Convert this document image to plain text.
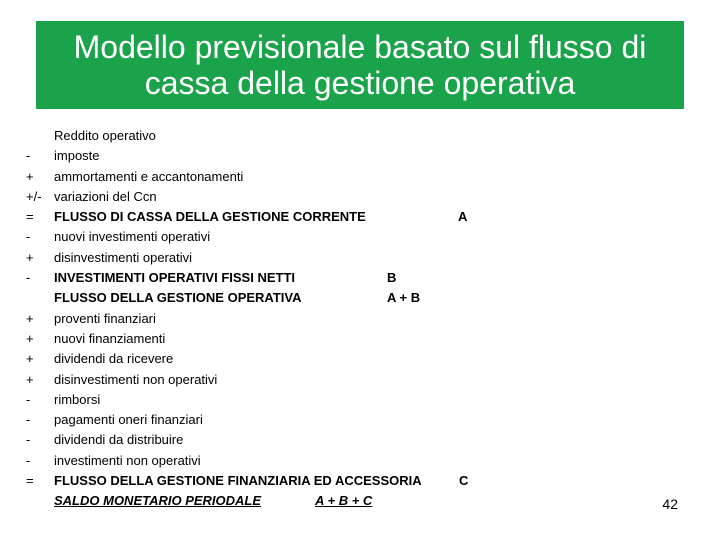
Modello previsionale basato sul flusso di
cassa della gestione operativa
Reddito operativo
-	imposte
+	ammortamenti e accantonamenti
+/- variazioni del Ccn
=	FLUSSO DI CASSA DELLA GESTIONE CORRENTE	A
-	nuovi investimenti operativi
+	disinvestimenti operativi
-	INVESTIMENTI OPERATIVI FISSI NETTI	B
FLUSSO DELLA GESTIONE OPERATIVA	A + B
+	proventi finanziari
+	nuovi finanziamenti
+	dividendi da ricevere
+	disinvestimenti non operativi
-	rimborsi
-	pagamenti oneri finanziari
-	dividendi da distribuire
-	investimenti non operativi
=	FLUSSO DELLA GESTIONE FINANZIARIA ED ACCESSORIA	C
SALDO MONETARIO PERIODALE	A + B + C	42
